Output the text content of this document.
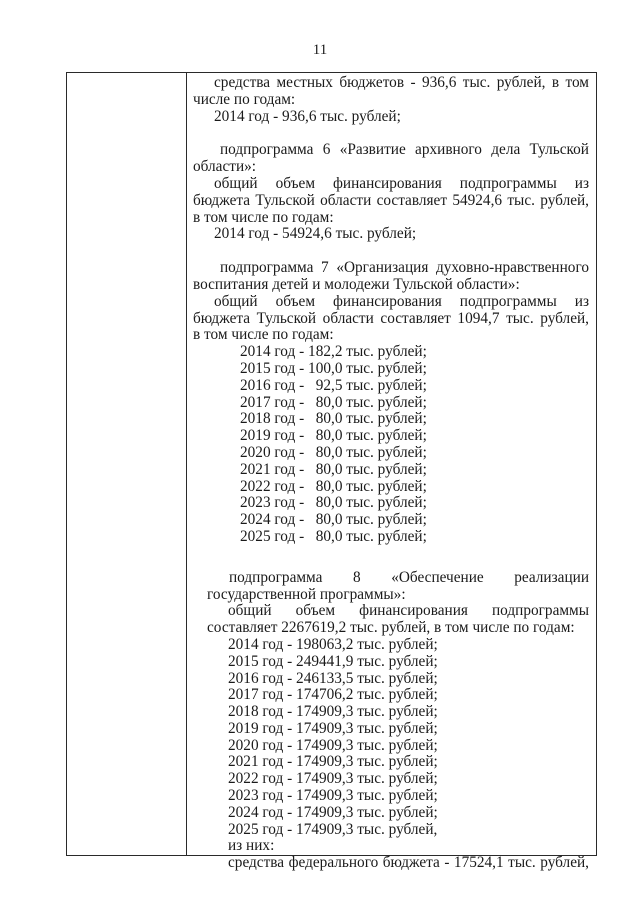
11

средства местных бюджетов - 936,6 тыс. рублей, в том

числе по годам:

2014 год - 936,6 тыс. рублей;

подпрограмма 6 «Развитие архивного дела Тульской

области»:

общий объем финансирования подпрограммы из

бюджета Тульской области составляет 54924,6 тыс. рублей,

в том числе по годам:

2014 год - 54924,6 тыс. рублей;

подпрограмма 7 «Организация духовно-нравственного

воспитания детей и молодежи Тульской области»:

общий объем финансирования подпрограммы из

бюджета Тульской области составляет 1094,7 тыс. рублей,

в том числе по годам:

2014 год - 182,2 тыс. рублей;
2015 год - 100,0 тыс. рублей;
2016 год -   92,5 тыс. рублей;
2017 год -   80,0 тыс. рублей;
2018 год -   80,0 тыс. рублей;
2019 год -   80,0 тыс. рублей;
2020 год -   80,0 тыс. рублей;
2021 год -   80,0 тыс. рублей;
2022 год -   80,0 тыс. рублей;
2023 год -   80,0 тыс. рублей;
2024 год -   80,0 тыс. рублей;
2025 год -   80,0 тыс. рублей;

подпрограмма 8 «Обеспечение реализации

государственной программы»:

общий объем финансирования подпрограммы

составляет 2267619,2 тыс. рублей, в том числе по годам:

2014 год - 198063,2 тыс. рублей;
2015 год - 249441,9 тыс. рублей;
2016 год - 246133,5 тыс. рублей;
2017 год - 174706,2 тыс. рублей;
2018 год - 174909,3 тыс. рублей;
2019 год - 174909,3 тыс. рублей;
2020 год - 174909,3 тыс. рублей;
2021 год - 174909,3 тыс. рублей;
2022 год - 174909,3 тыс. рублей;
2023 год - 174909,3 тыс. рублей;
2024 год - 174909,3 тыс. рублей;
2025 год - 174909,3 тыс. рублей,
из них:

средства федерального бюджета - 17524,1 тыс. рублей,
